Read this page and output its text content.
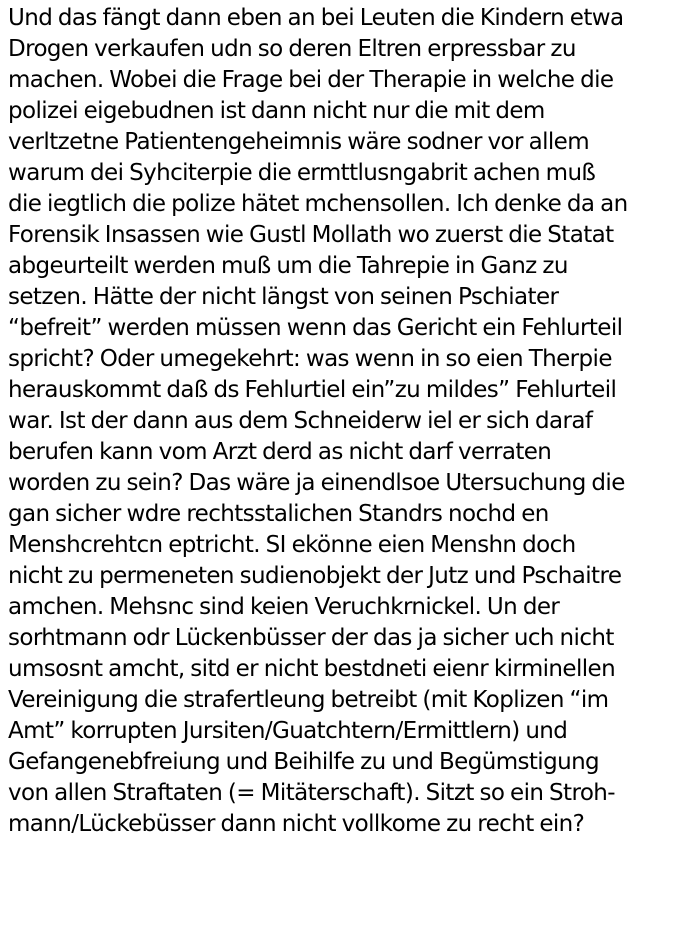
Und das fängt dann eben an bei Leuten die Kindern etwa
Drogen verkaufen udn so deren Eltren erpressbar zu
machen. Wobei die Frage bei der Therapie in welche die
polizei eigebudnen ist dann nicht nur die mit dem
verltzetne Patientengeheimnis wäre sodner vor allem
warum dei Syhciterpie die ermttlusngabrit achen muß
die iegtlich die polize hätet mchensollen. Ich denke da an
Forensik Insassen wie Gustl Mollath wo zuerst die Statat
abgeurteilt werden muß um die Tahrepie in Ganz zu
setzen. Hätte der nicht längst von seinen Pschiater
“befreit” werden müssen wenn das Gericht ein Fehlurteil
spricht? Oder umegekehrt: was wenn in so eien Therpie
herauskommt daß ds Fehlurtiel ein”zu mildes” Fehlurteil
war. Ist der dann aus dem Schneiderw iel er sich daraf
berufen kann vom Arzt derd as nicht darf verraten
worden zu sein? Das wäre ja einendlsoe Utersuchung die
gan sicher wdre rechtsstalichen Standrs nochd en
Menshcrehtcn eptricht. SI ekönne eien Menshn doch
nicht zu permeneten sudienobjekt der Jutz und Pschaitre
amchen. Mehsnc sind keien Veruchkrnickel. Un der
sorhtmann odr Lückenbüsser der das ja sicher uch nicht
umsosnt amcht, sitd er nicht bestdneti eienr kirminellen
Vereinigung die strafertleung betreibt (mit Koplizen “im
Amt” korrupten Jursiten/Guatchtern/Ermittlern) und
Gefangenebfreiung und Beihilfe zu und Begümstigung
von allen Straftaten (= Mitäterschaft). Sitzt so ein Stroh-
mann/Lückebüsser dann nicht vollkome zu recht ein?
